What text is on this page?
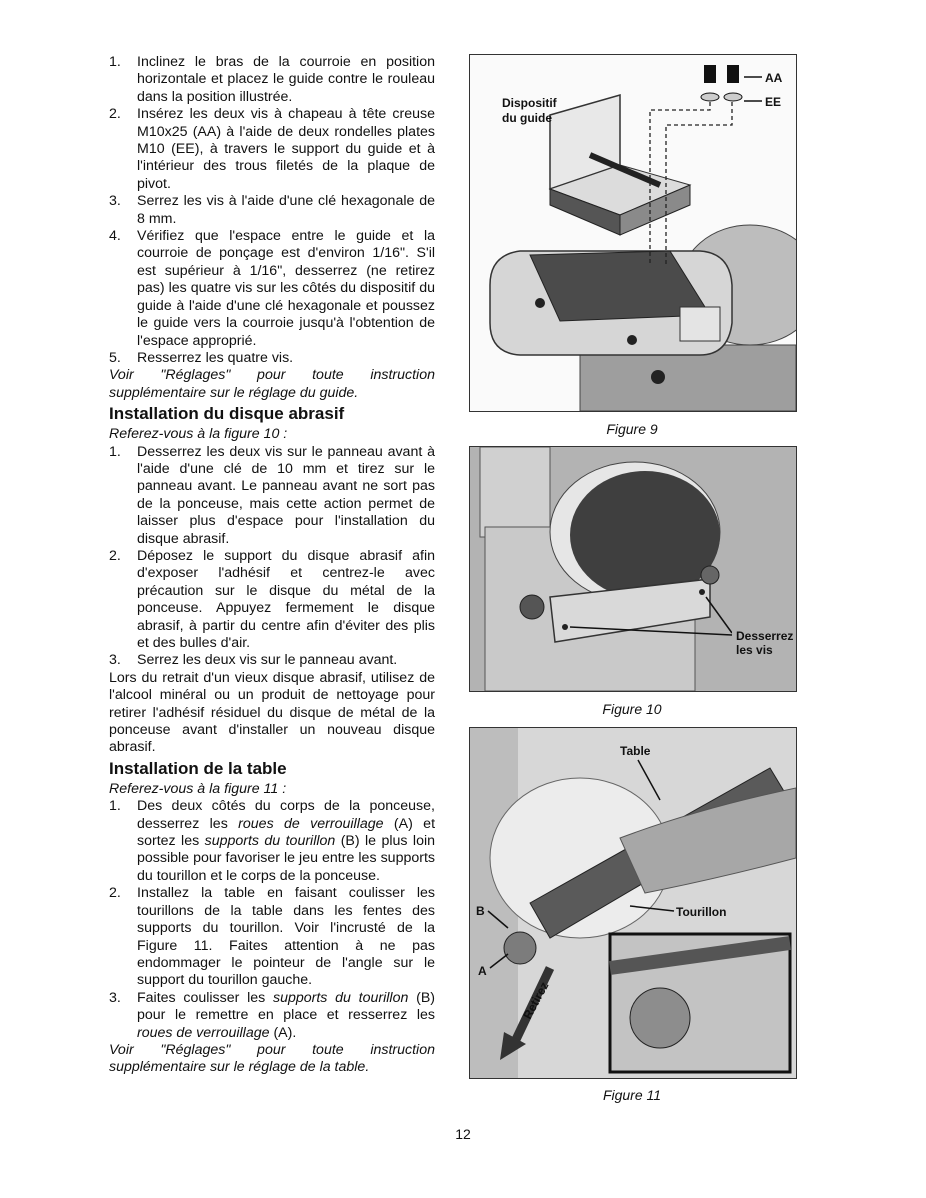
1. Inclinez le bras de la courroie en position horizontale et placez le guide contre le rouleau dans la position illustrée.
2. Insérez les deux vis à chapeau à tête creuse M10x25 (AA) à l'aide de deux rondelles plates M10 (EE), à travers le support du guide et à l'intérieur des trous filetés de la plaque de pivot.
3. Serrez les vis à l'aide d'une clé hexagonale de 8 mm.
4. Vérifiez que l'espace entre le guide et la courroie de ponçage est d'environ 1/16". S'il est supérieur à 1/16", desserrez (ne retirez pas) les quatre vis sur les côtés du dispositif du guide à l'aide d'une clé hexagonale et poussez le guide vers la courroie jusqu'à l'obtention de l'espace approprié.
5. Resserrez les quatre vis.

Voir "Réglages" pour toute instruction supplémentaire sur le réglage du guide.

Installation du disque abrasif

Referez-vous à la figure 10 :

1. Desserrez les deux vis sur le panneau avant à l'aide d'une clé de 10 mm et tirez sur le panneau avant. Le panneau avant ne sort pas de la ponceuse, mais cette action permet de laisser plus d'espace pour l'installation du disque abrasif.
2. Déposez le support du disque abrasif afin d'exposer l'adhésif et centrez-le avec précaution sur le disque du métal de la ponceuse. Appuyez fermement le disque abrasif, à partir du centre afin d'éviter des plis et des bulles d'air.
3. Serrez les deux vis sur le panneau avant.

Lors du retrait d'un vieux disque abrasif, utilisez de l'alcool minéral ou un produit de nettoyage pour retirer l'adhésif résiduel du disque de métal de la ponceuse avant d'installer un nouveau disque abrasif.

Installation de la table

Referez-vous à la figure 11 :

1. Des deux côtés du corps de la ponceuse, desserrez les roues de verrouillage (A) et sortez les supports du tourillon (B) le plus loin possible pour favoriser le jeu entre les supports du tourillon et le corps de la ponceuse.
2. Installez la table en faisant coulisser les tourillons de la table dans les fentes des supports du tourillon. Voir l'incrusté de la Figure 11. Faites attention à ne pas endommager le pointeur de l'angle sur le support du tourillon gauche.
3. Faites coulisser les supports du tourillon (B) pour le remettre en place et resserrez les roues de verrouillage (A).

Voir "Réglages" pour toute instruction supplémentaire sur le réglage de la table.

AA
EE
Dispositif
du guide
Figure 9
Desserrez
les vis
Figure 10
Retirez
Table
Tourillon
B
A
Figure 11
12
